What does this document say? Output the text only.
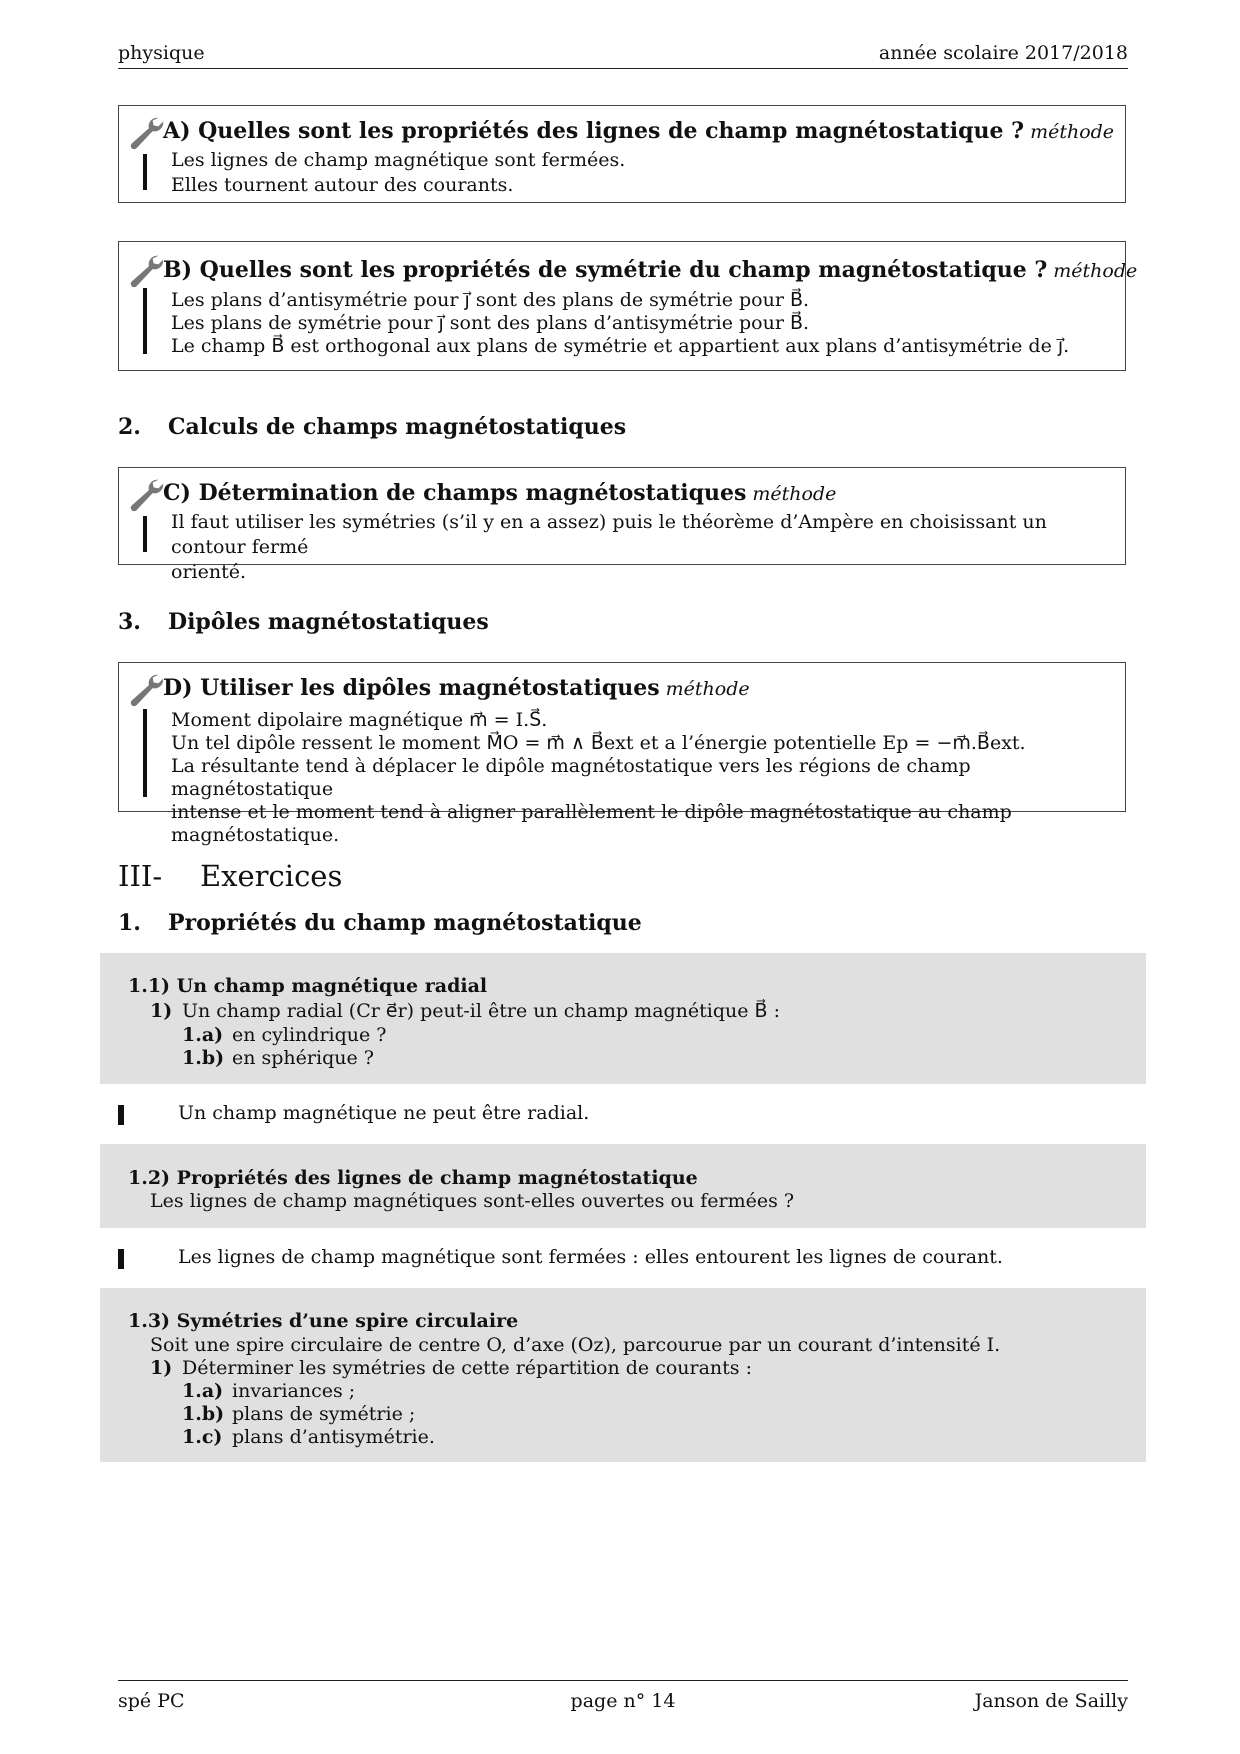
physique	année scolaire 2017/2018
A) Quelles sont les propriétés des lignes de champ magnétostatique ? méthode
Les lignes de champ magnétique sont fermées.
Elles tournent autour des courants.
B) Quelles sont les propriétés de symétrie du champ magnétostatique ? méthode
Les plans d’antisymétrie pour j⃗ sont des plans de symétrie pour B⃗.
Les plans de symétrie pour j⃗ sont des plans d’antisymétrie pour B⃗.
Le champ B⃗ est orthogonal aux plans de symétrie et appartient aux plans d’antisymétrie de j⃗.
2. Calculs de champs magnétostatiques
C) Détermination de champs magnétostatiques méthode
Il faut utiliser les symétries (s’il y en a assez) puis le théorème d’Ampère en choisissant un contour fermé
orienté.
3. Dipôles magnétostatiques
D) Utiliser les dipôles magnétostatiques méthode
Moment dipolaire magnétique m⃗ = I.S⃗.
Un tel dipôle ressent le moment M⃗O = m⃗ ∧ B⃗ext et a l’énergie potentielle Ep = −m⃗.B⃗ext.
La résultante tend à déplacer le dipôle magnétostatique vers les régions de champ magnétostatique
intense et le moment tend à aligner parallèlement le dipôle magnétostatique au champ magnétostatique.
III- Exercices
1. Propriétés du champ magnétostatique
1.1) Un champ magnétique radial
1) Un champ radial (Cr e⃗r) peut-il être un champ magnétique B⃗ :
1.a) en cylindrique ?
1.b) en sphérique ?
Un champ magnétique ne peut être radial.
1.2) Propriétés des lignes de champ magnétostatique
Les lignes de champ magnétiques sont-elles ouvertes ou fermées ?
Les lignes de champ magnétique sont fermées : elles entourent les lignes de courant.
1.3) Symétries d’une spire circulaire
Soit une spire circulaire de centre O, d’axe (Oz), parcourue par un courant d’intensité I.
1) Déterminer les symétries de cette répartition de courants :
1.a) invariances ;
1.b) plans de symétrie ;
1.c) plans d’antisymétrie.
spé PC	page n° 14	Janson de Sailly
